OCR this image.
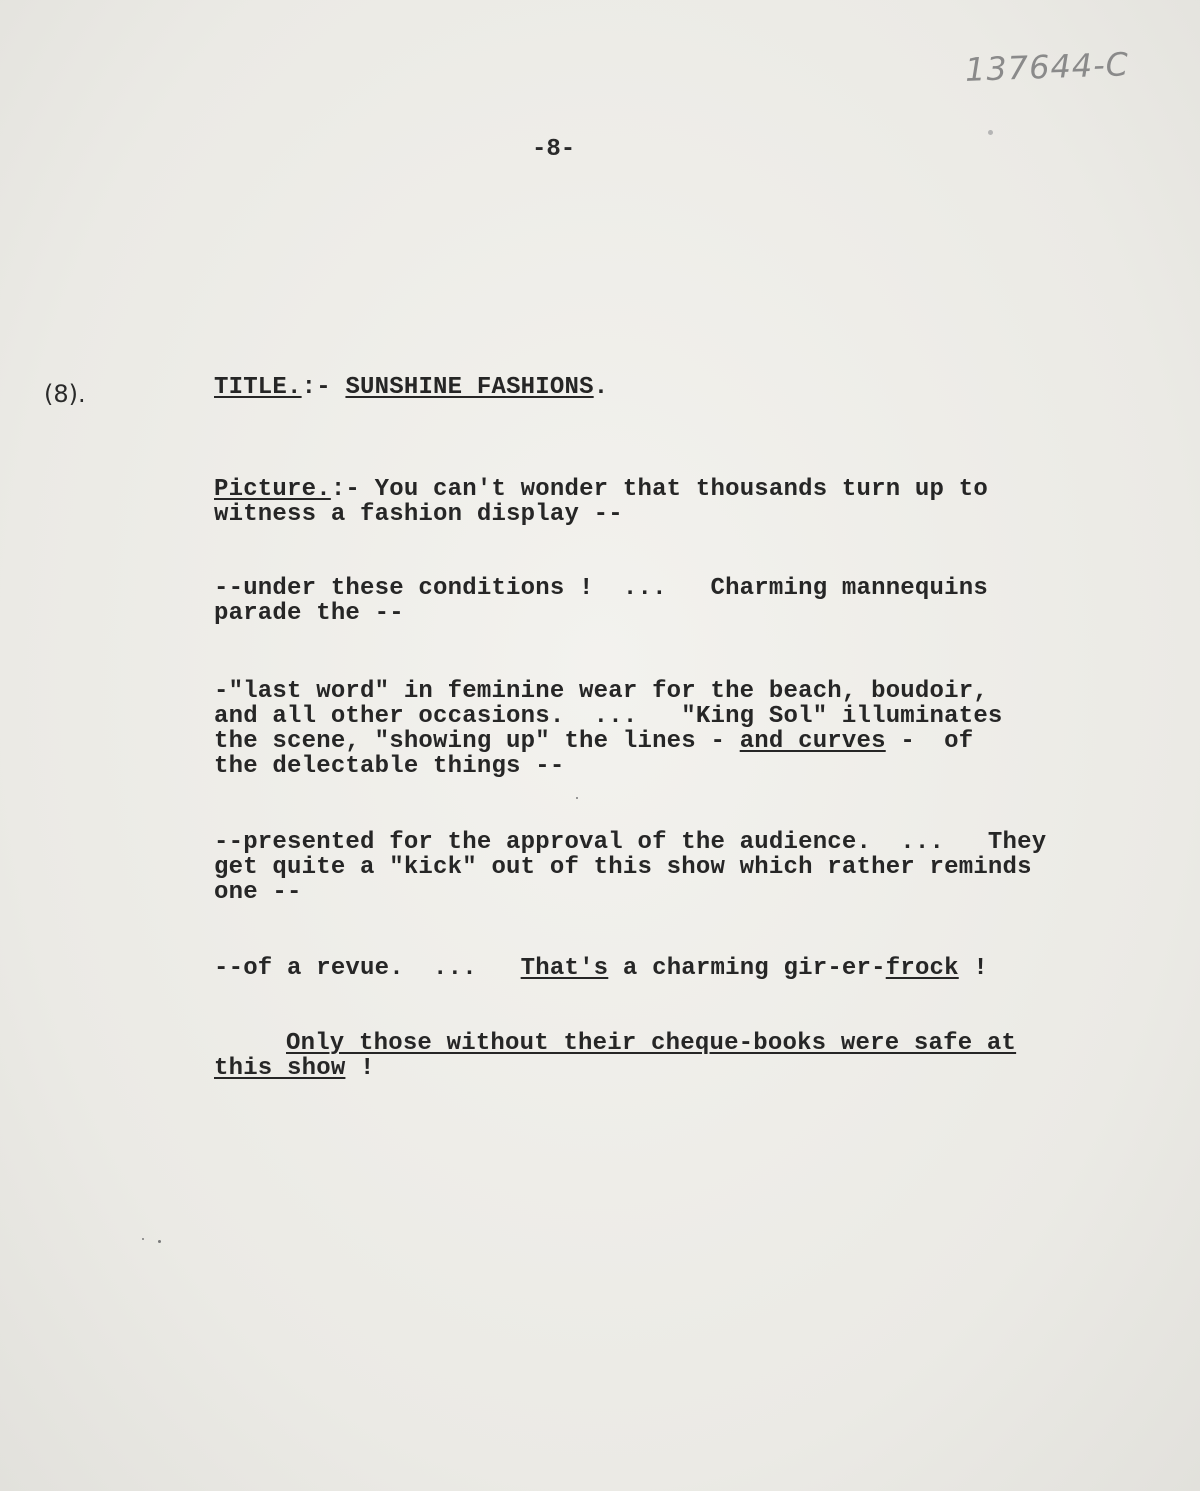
137644-C
-8-
(8).	TITLE.:- SUNSHINE FASHIONS.
Picture.:- You can't wonder that thousands turn up to
witness a fashion display --
--under these conditions !  ...   Charming mannequins
parade the --
-"last word" in feminine wear for the beach, boudoir,
and all other occasions.  ...   "King Sol" illuminates
the scene, "showing up" the lines - and curves -  of
the delectable things --
--presented for the approval of the audience.  ...   They
get quite a "kick" out of this show which rather reminds
one --
--of a revue.  ...   That's a charming gir-er-frock !
Only those without their cheque-books were safe at
this show !
